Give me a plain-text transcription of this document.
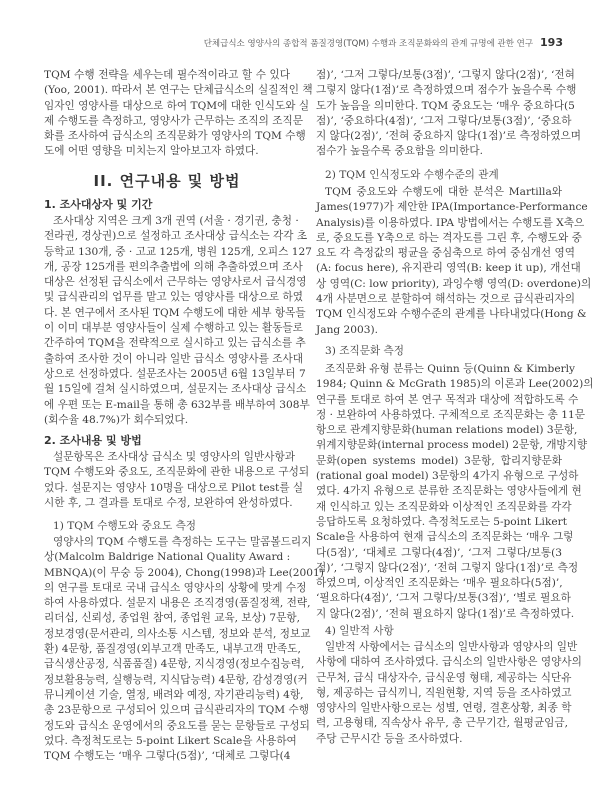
단체급식소 영양사의 종합적 품질경영(TQM) 수행과 조직문화와의 관계 규명에 관한 연구 193
TQM 수행 전략을 세우는데 필수적이라고 할 수 있다
(Yoo, 2001). 따라서 본 연구는 단체급식소의 실질적인 책
임자인 영양사를 대상으로 하여 TQM에 대한 인식도와 실
제 수행도를 측정하고, 영양사가 근무하는 조직의 조직문
화를 조사하여 급식소의 조직문화가 영양사의 TQM 수행
도에 어떤 영향을 미치는지 알아보고자 하였다.
II. 연구내용 및 방법
1. 조사대상자 및 기간
조사대상 지역은 크게 3개 권역 (서울 · 경기권, 충청 ·
전라권, 경상권)으로 설정하고 조사대상 급식소는 각각 초
등학교 130개, 중 · 고교 125개, 병원 125개, 오피스 127
개, 공장 125개를 편의추출법에 의해 추출하였으며 조사
대상은 선정된 급식소에서 근무하는 영양사로서 급식경영
및 급식관리의 업무를 맡고 있는 영양사를 대상으로 하였
다. 본 연구에서 조사된 TQM 수행도에 대한 세부 항목들
이 이미 대부분 영양사들이 실제 수행하고 있는 활동들로
간주하여 TQM을 전략적으로 실시하고 있는 급식소를 추
출하여 조사한 것이 아니라 일반 급식소 영양사를 조사대
상으로 선정하였다. 설문조사는 2005년 6월 13일부터 7
월 15일에 걸쳐 실시하였으며, 설문지는 조사대상 급식소
에 우편 또는 E-mail을 통해 총 632부를 배부하여 308부
(회수율 48.7%)가 회수되었다.
2. 조사내용 및 방법
설문항목은 조사대상 급식소 및 영양사의 일반사항과
TQM 수행도와 중요도, 조직문화에 관한 내용으로 구성되
었다. 설문지는 영양사 10명을 대상으로 Pilot test를 실
시한 후, 그 결과를 토대로 수정, 보완하여 완성하였다.
1) TQM 수행도와 중요도 측정
영양사의 TQM 수행도를 측정하는 도구는 말콤볼드리지
상(Malcolm Baldrige National Quality Award :
MBNQA)(이 무숭 등 2004), Chong(1998)과 Lee(2001)
의 연구를 토대로 국내 급식소 영양사의 상황에 맞게 수정
하여 사용하였다. 설문지 내용은 조직경영(품질정책, 전략,
리더십, 신뢰성, 종업원 참여, 종업원 교육, 보상) 7문항,
정보경영(문서관리, 의사소통 시스템, 정보와 분석, 정보교
환) 4문항, 품질경영(외부고객 만족도, 내부고객 만족도,
급식생산공정, 식품품질) 4문항, 지식경영(정보수집능력,
정보활용능력, 실행능력, 지식답능력) 4문항, 감성경영(커
뮤니케이션 기술, 열정, 배려와 예정, 자기관리능력) 4항,
총 23문항으로 구성되어 있으며 급식관리자의 TQM 수행
정도와 급식소 운영에서의 중요도를 묻는 문항들로 구성되
었다. 측정척도로는 5-point Likert Scale을 사용하여
TQM 수행도는 ‘매우 그렇다(5점)’, ‘대체로 그렇다(4
점)’, ‘그저 그렇다/보통(3점)’, ‘그렇지 않다(2점)’, ‘전혀
그렇지 않다(1점)’로 측정하였으며 점수가 높을수록 수행
도가 높음을 의미한다. TQM 중요도는 ‘매우 중요하다(5
점)’, ‘중요하다(4점)’, ‘그저 그렇다/보통(3점)’, ‘중요하
지 않다(2점)’, ‘전혀 중요하지 않다(1점)’로 측정하였으며
점수가 높을수록 중요함을 의미한다.
2) TQM 인식정도와 수행수준의 관계
TQM 중요도와 수행도에 대한 분석은 Martilla와
James(1977)가 제안한 IPA(Importance-Performance
Analysis)를 이용하였다. IPA 방법에서는 수행도를 X축으
로, 중요도를 Y축으로 하는 격자도를 그린 후, 수행도와 중
요도 각 측정값의 평균을 중심축으로 하여 중심개선 영역
(A: focus here), 유지관리 영역(B: keep it up), 개선대
상 영역(C: low priority), 과잉수행 영역(D: overdone)의
4개 사분면으로 분할하여 해석하는 것으로 급식관리자의
TQM 인식정도와 수행수준의 관계를 나타내었다(Hong &
Jang 2003).
3) 조직문화 측정
조직문화 유형 분류는 Quinn 등(Quinn & Kimberly
1984; Quinn & McGrath 1985)의 이론과 Lee(2002)의
연구를 토대로 하여 본 연구 목적과 대상에 적합하도록 수
정 · 보완하여 사용하였다. 구체적으로 조직문화는 총 11문
항으로 관계지향문화(human relations model) 3문항,
위계지향문화(internal process model) 2문항, 개방지향
문화(open systems model) 3문항, 합리지향문화
(rational goal model) 3문항의 4가지 유형으로 구성하
였다. 4가지 유형으로 분류한 조직문화는 영양사들에게 현
재 인식하고 있는 조직문화와 이상적인 조직문화를 각각
응답하도록 요청하였다. 측정척도로는 5-point Likert
Scale을 사용하여 현재 급식소의 조직문화는 ‘매우 그렇
다(5점)’, ‘대체로 그렇다(4점)’, ‘그저 그렇다/보통(3
점)’, ‘그렇지 않다(2점)’, ‘전혀 그렇지 않다(1점)’로 측정
하였으며, 이상적인 조직문화는 ‘매우 필요하다(5점)’,
‘필요하다(4점)’, ‘그저 그렇다/보통(3점)’, ‘별로 필요하
지 않다(2점)’, ‘전혀 필요하지 않다(1점)’로 측정하였다.
4) 일반적 사항
일반적 사항에서는 급식소의 일반사항과 영양사의 일반
사항에 대하여 조사하였다. 급식소의 일반사항은 영양사의
근무처, 급식 대상자수, 급식운영 형태, 제공하는 식단유
형, 제공하는 급식끼니, 직원현황, 지역 등을 조사하였고
영양사의 일반사항으로는 성별, 연령, 결혼상황, 최종 학
력, 고용형태, 직속상사 유무, 총 근무기간, 월평균임금,
주당 근무시간 등을 조사하였다.
